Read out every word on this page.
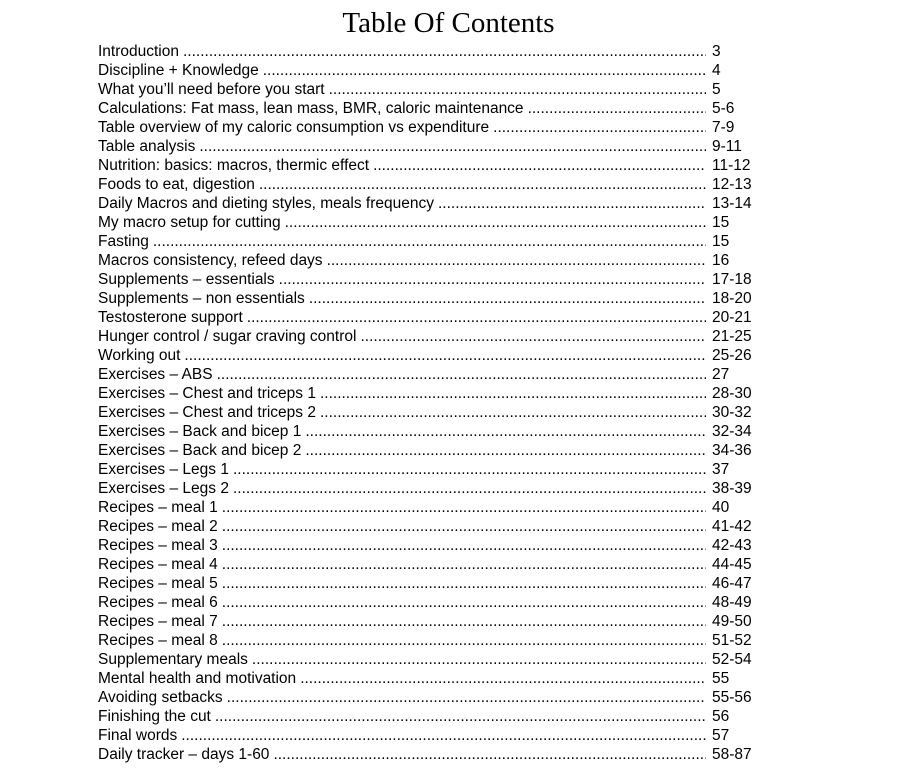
Table Of Contents
Introduction .....	3
Discipline + Knowledge .....	4
What you’ll need before you start .....	5
Calculations: Fat mass, lean mass, BMR, caloric maintenance .....	5-6
Table overview of my caloric consumption vs expenditure .....	7-9
Table analysis .....	9-11
Nutrition: basics: macros, thermic effect .....	11-12
Foods to eat, digestion .....	12-13
Daily Macros and dieting styles, meals frequency .....	13-14
My macro setup for cutting .....	15
Fasting .....	15
Macros consistency, refeed days .....	16
Supplements – essentials .....	17-18
Supplements – non essentials .....	18-20
Testosterone support .....	20-21
Hunger control / sugar craving control .....	21-25
Working out .....	25-26
Exercises – ABS .....	27
Exercises – Chest and triceps 1 .....	28-30
Exercises – Chest and triceps 2 .....	30-32
Exercises – Back and bicep 1 .....	32-34
Exercises – Back and bicep 2 .....	34-36
Exercises – Legs 1 .....	37
Exercises – Legs 2 .....	38-39
Recipes – meal 1 .....	40
Recipes – meal 2 .....	41-42
Recipes – meal 3 .....	42-43
Recipes – meal 4 .....	44-45
Recipes – meal 5 .....	46-47
Recipes – meal 6 .....	48-49
Recipes – meal 7 .....	49-50
Recipes – meal 8 .....	51-52
Supplementary meals .....	52-54
Mental health and motivation .....	55
Avoiding setbacks .....	55-56
Finishing the cut .....	56
Final words .....	57
Daily tracker – days 1-60 .....	58-87
